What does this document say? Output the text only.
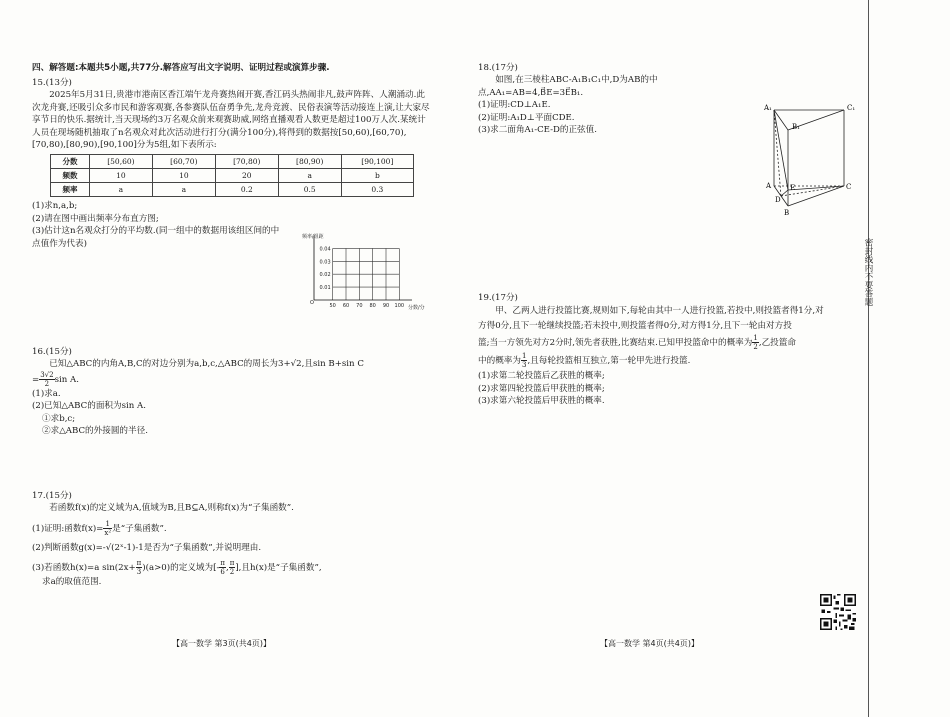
四、解答题:本题共5小题,共77分.解答应写出文字说明、证明过程或演算步骤.

15.(13分)

2025年5月31日,贵港市港南区香江端午龙舟赛热闹开赛,香江码头热闹非凡,鼓声阵阵、人潮涌动.此次龙舟赛,还吸引众多市民和游客观赛,各参赛队伍奋勇争先,龙舟竞渡、民俗表演等活动接连上演,让大家尽享节日的快乐.据统计,当天现场约3万名观众前来观赛助威,网络直播观看人数更是超过100万人次.某统计人员在现场随机抽取了n名观众对此次活动进行打分(满分100分),将得到的数据按[50,60),[60,70),[70,80),[80,90),[90,100]分为5组,如下表所示:

分数	[50,60)	[60,70)	[70,80)	[80,90)	[90,100]
频数	10	10	20	a	b
频率	a	a	0.2	0.5	0.3

(1)求n,a,b;

(2)请在图中画出频率分布直方图;

(3)估计这n名观众打分的平均数.(同一组中的数据用该组区间的中点值作为代表)

16.(15分)

已知△ABC的内角A,B,C的对边分别为a,b,c,△ABC的周长为3+√2,且sin B+sin C

= $\frac{3√2}{2}$ sin A.

(1)求a.

(2)已知△ABC的面积为sin A.

①求b,c;

②求△ABC的外接圆的半径.

17.(15分)

若函数f(x)的定义域为A,值域为B,且B⊆A,则称f(x)为“子集函数”.

(1)证明:函数$f(x)= \frac{1}{\text{x²}}$ 是“子集函数”.

(2)判断函数g(x)=-√(2ˣ-1)-1是否为“子集函数”,并说明理由.

(3)若函数h(x)=a $\sin(2x+ \frac{\pi}{3} )(a>0)$的定义域为[- $\frac{\pi}{6}$ , $\frac{\pi}{2}$ ],且h(x)是“子集函数”,

求a的取值范围.

0.01
0.02
0.03
0.04
50 60 70 80 90 100
O
频率/组距
分数/分

18.(17分)

如图,在三棱柱ABC-A₁B₁C₁中,D为AB的中点,AA₁=AB=4,B⃗E=3E⃗B₁.

(1)证明:CD⊥A₁E.

(2)证明:A₁D⊥平面CDE.

(3)求二面角A₁-CE-D的正弦值.

19.(17分)

甲、乙两人进行投篮比赛,规则如下,每轮由其中一人进行投篮,若投中,则投篮者得1分,对

方得0分,且下一轮继续投篮;若未投中,则投篮者得0分,对方得1分,且下一轮由对方投

篮;当一方领先对方2分时,领先者获胜,比赛结束.已知甲投篮命中的概率为 $\frac{1}{2}$ ,乙投篮命

中的概率为 $\frac{1}{3}$ ,且每轮投篮相互独立,第一轮甲先进行投篮.

(1)求第二轮投篮后乙获胜的概率;

(2)求第四轮投篮后甲获胜的概率;

(3)求第六轮投篮后甲获胜的概率.

A₁
B₁
C₁
A
B
C
D
E
【高一数学 第3页(共4页)】	【高一数学 第4页(共4页)】
密封线内不要答题
